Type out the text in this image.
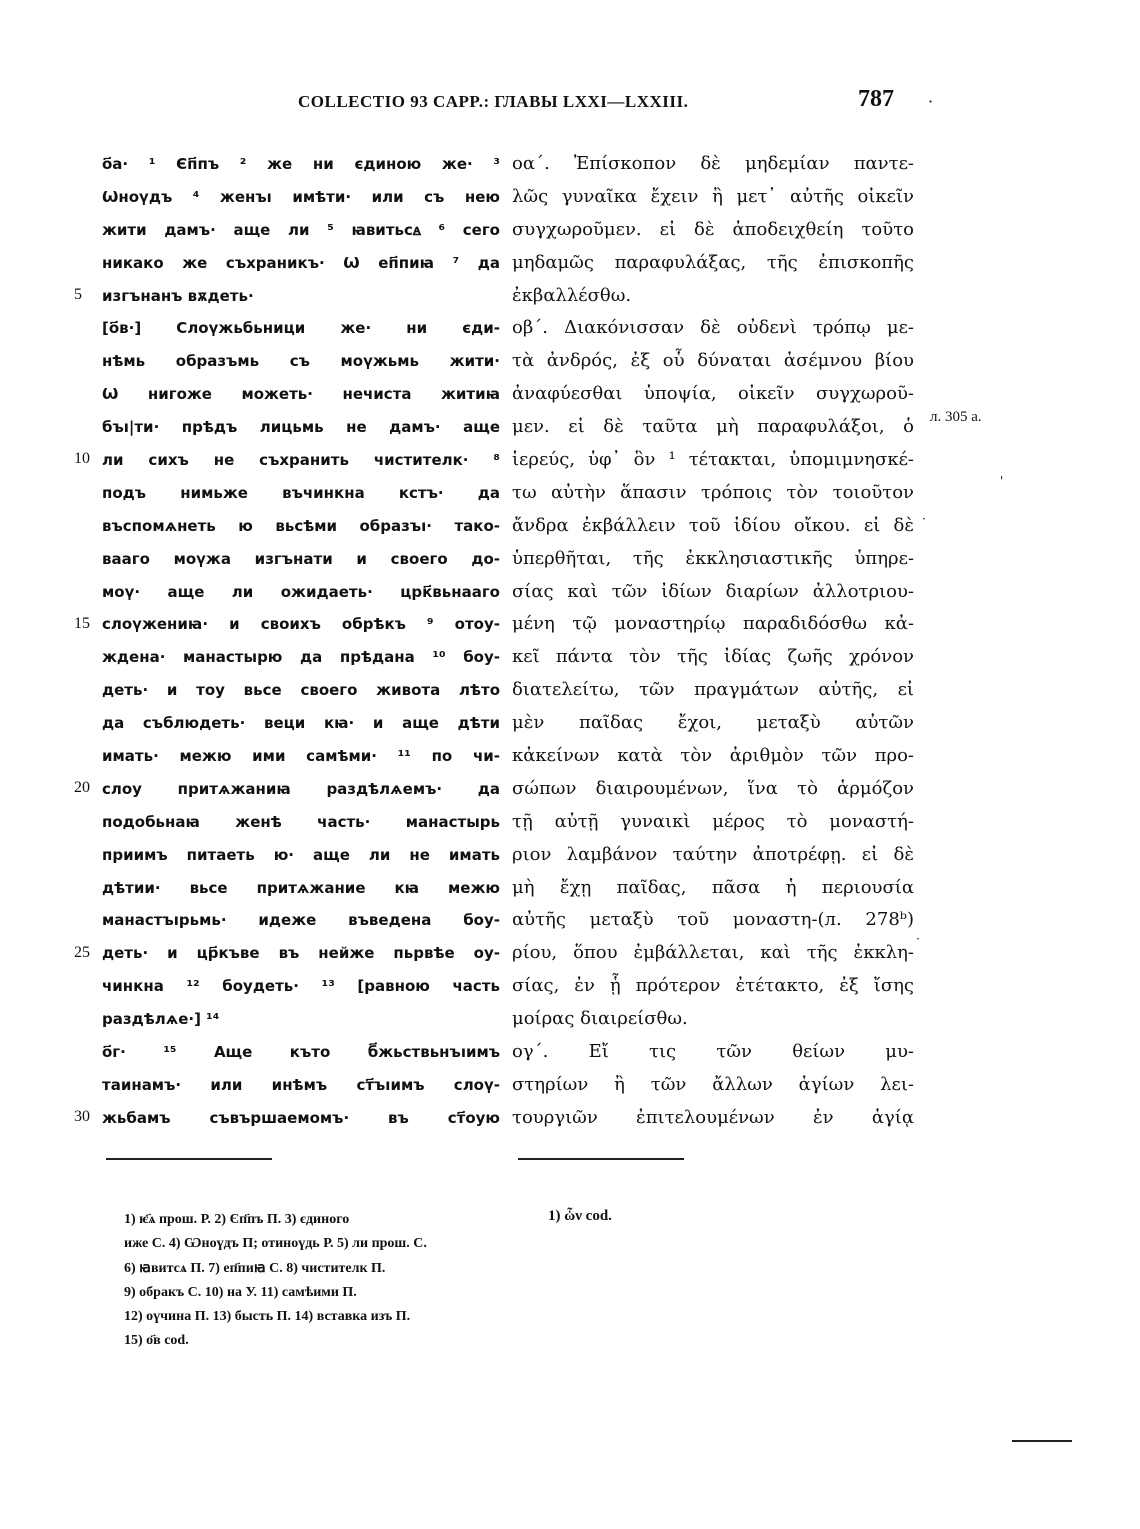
COLLECTIO 93 CAPP.: ГЛАВЫ LXXI—LXXIII.	787 ·
о҃а· ¹ Єп҃пъ ² же ни єдиною же· ³
Ѡноүдъ ⁴ женъı имѣти· или съ нею
жити дамъ· аще ли ⁵ ꙗвитьсꙙ ⁶ сего
никако же съхраникъ· Ѡ еп҃пиꙗ ⁷ да
изгънанъ вѫдеть·
[о҃в·] Слоүжьбьници же· ни єди-
нѣмь образъмь съ моүжьмь жити·
Ѡ нигоже можеть· нечиста житиꙗ
бъı|ти· прѣдъ лицьмь не дамъ· аще
ли сихъ не съхранить чистителк· ⁸
подъ нимьже въчинкна кстъ· да
въспомѧнеть ю вьсѣми образъı· тако-
вааго моүжа изгънати и своего до-
моү· аще ли ожидаеть· црк҃вьнааго
слоүжениꙗ· и своихъ обрѣкъ ⁹ отоу-
жденa· манастырю да прѣдана ¹⁰ боу-
деть· и тоу вьсе своего живота лѣто
да съблюдеть· веци кꙗ· и аще дѣти
имать· межю ими самѣми· ¹¹ по чи-
слоу притѧжаниꙗ раздѣлѧемъ· да
подобьнаꙗ женѣ часть· манастырь
приимъ питаеть ю· аще ли не имать
дѣтии· вьсе притѧжание кꙗ межю
манастъıрьмь· идеже въведена боу-
деть· и цр҃къве въ нейже пьрвѣе оу-
чинкна ¹² боудеть· ¹³ [равною часть
раздѣлѧе·] ¹⁴
о҃г· ¹⁵ Аще къто б҃жьствьнъıимъ
таинамъ· или инѣмъ ст҃ъıимъ слоү-
жьбамъ съвършаемомъ· въ ст҃оую
5
10
15
20
25
30
οα΄. Ἐπίσκοπον δὲ μηδεμίαν παντε-
λῶς γυναῖκα ἔχειν ἢ μετ᾽ αὐτῆς οἰκεῖν
συγχωροῦμεν. εἰ δὲ ἀποδειχθείη τοῦτο
μηδαμῶς παραφυλάξας, τῆς ἐπισκοπῆς
ἐκβαλλέσθω.
οβ΄. Διακόνισσαν δὲ οὐδενὶ τρόπῳ με-
τὰ ἀνδρός, ἐξ οὗ δύναται ἀσέμνου βίου
ἀναφύεσθαι ὑποψία, οἰκεῖν συγχωροῦ-
μεν. εἰ δὲ ταῦτα μὴ παραφυλάξοι, ὁ
ἱερεύς, ὑφ᾽ ὃν ¹ τέτακται, ὑπομιμνησκέ-
τω αὐτὴν ἅπασιν τρόποις τὸν τοιοῦτον
ἄνδρα ἐκβάλλειν τοῦ ἰδίου οἴκου. εἰ δὲ
ὑπερθῆται, τῆς ἐκκλησιαστικῆς ὑπηρε-
σίας καὶ τῶν ἰδίων διαρίων ἀλλοτριου-
μένη τῷ μοναστηρίῳ παραδιδόσθω κἀ-
κεῖ πάντα τὸν τῆς ἰδίας ζωῆς χρόνον
διατελείτω, τῶν πραγμάτων αὐτῆς, εἰ
μὲν παῖδας ἔχοι, μεταξὺ αὐτῶν
κἀκείνων κατὰ τὸν ἀριθμὸν τῶν προ-
σώπων διαιρουμένων, ἵνα τὸ ἁρμόζον
τῇ αὐτῇ γυναικὶ μέρος τὸ μοναστή-
ριον λαμβάνον ταύτην ἀποτρέφῃ. εἰ δὲ
μὴ ἔχῃ παῖδας, πᾶσα ἡ περιουσία
αὐτῆς μεταξὺ τοῦ μοναστη-(л. 278ᵇ)
ρίου, ὅπου ἐμβάλλεται, καὶ τῆς ἐκκλη-
σίας, ἐν ᾗ πρότερον ἐτέτακτο, ἐξ ἴσης
μοίρας διαιρείσθω.
ογ΄. Εἴ τις τῶν θείων μυ-
στηρίων ἢ τῶν ἄλλων ἁγίων λει-
τουργιῶν ἐπιτελουμένων ἐν ἁγίᾳ
л. 305 a.
'
·
·
1) ѥ҃ѧ прош. Р. 2) Єп҃пъ П. 3) єдиного
иже С. 4) Ѡноүдъ П; отиноүдь Р. 5) ли прош. С.
6) ꙗвитсѧ П. 7) еп҃пиꙗ С. 8) чистителк П.
9) обракъ С. 10) на У. 11) самѣими П.
12) оүчина П. 13) бысть П. 14) вставка изъ П.
15) о҃в cod.
1) ὧν cod.
